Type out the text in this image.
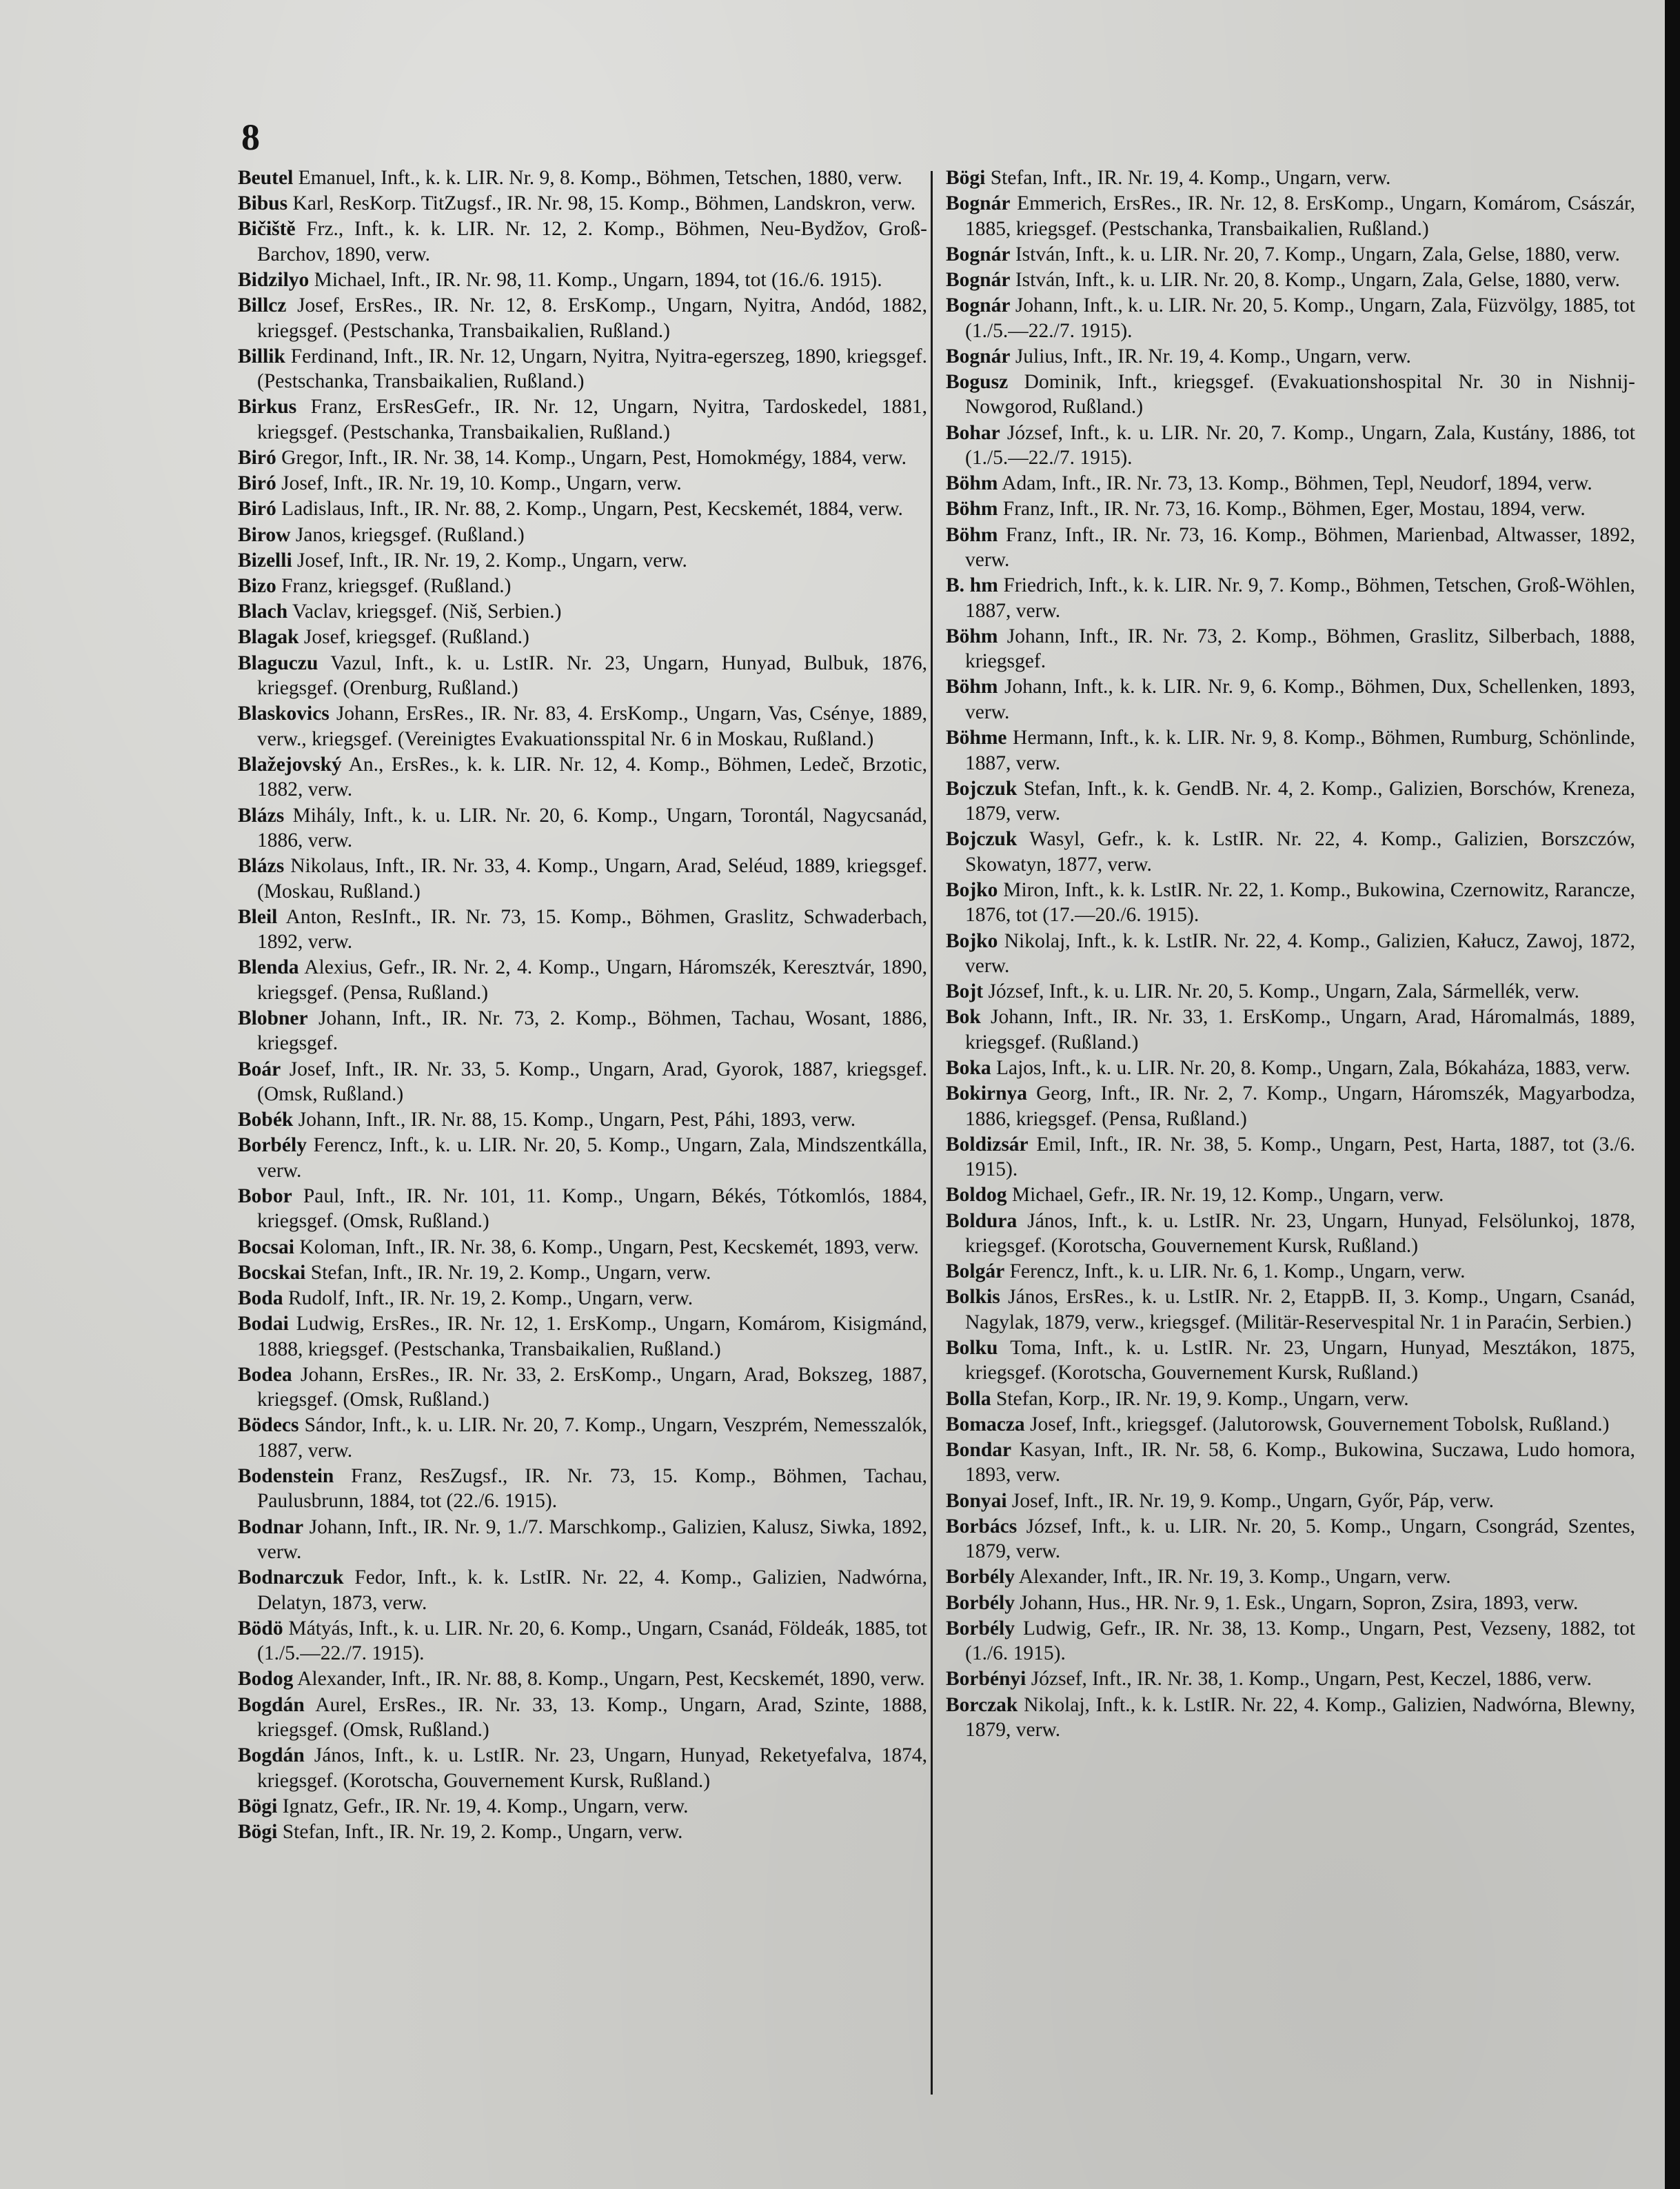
8

Beutel Emanuel, Inft., k. k. LIR. Nr. 9, 8. Komp., Böhmen, Tetschen, 1880, verw.

Bibus Karl, ResKorp. TitZugsf., IR. Nr. 98, 15. Komp., Böhmen, Landskron, verw.

Bičiště Frz., Inft., k. k. LIR. Nr. 12, 2. Komp., Böhmen, Neu-Bydžov, Groß-Barchov, 1890, verw.

Bidzilyo Michael, Inft., IR. Nr. 98, 11. Komp., Ungarn, 1894, tot (16./6. 1915).

Billcz Josef, ErsRes., IR. Nr. 12, 8. ErsKomp., Ungarn, Nyitra, Andód, 1882, kriegsgef. (Pestschanka, Transbaikalien, Rußland.)

Billik Ferdinand, Inft., IR. Nr. 12, Ungarn, Nyitra, Nyitra-egerszeg, 1890, kriegsgef. (Pestschanka, Transbaikalien, Rußland.)

Birkus Franz, ErsResGefr., IR. Nr. 12, Ungarn, Nyitra, Tardoskedel, 1881, kriegsgef. (Pestschanka, Transbaikalien, Rußland.)

Biró Gregor, Inft., IR. Nr. 38, 14. Komp., Ungarn, Pest, Homokmégy, 1884, verw.

Biró Josef, Inft., IR. Nr. 19, 10. Komp., Ungarn, verw.

Biró Ladislaus, Inft., IR. Nr. 88, 2. Komp., Ungarn, Pest, Kecskemét, 1884, verw.

Birow Janos, kriegsgef. (Rußland.)

Bizelli Josef, Inft., IR. Nr. 19, 2. Komp., Ungarn, verw.

Bizo Franz, kriegsgef. (Rußland.)

Blach Vaclav, kriegsgef. (Niš, Serbien.)

Blagak Josef, kriegsgef. (Rußland.)

Blaguczu Vazul, Inft., k. u. LstIR. Nr. 23, Ungarn, Hunyad, Bulbuk, 1876, kriegsgef. (Orenburg, Rußland.)

Blaskovics Johann, ErsRes., IR. Nr. 83, 4. ErsKomp., Ungarn, Vas, Csénye, 1889, verw., kriegsgef. (Vereinigtes Evakuationsspital Nr. 6 in Moskau, Rußland.)

Blažejovský An., ErsRes., k. k. LIR. Nr. 12, 4. Komp., Böhmen, Ledeč, Brzotic, 1882, verw.

Blázs Mihály, Inft., k. u. LIR. Nr. 20, 6. Komp., Ungarn, Torontál, Nagycsanád, 1886, verw.

Blázs Nikolaus, Inft., IR. Nr. 33, 4. Komp., Ungarn, Arad, Seléud, 1889, kriegsgef. (Moskau, Rußland.)

Bleil Anton, ResInft., IR. Nr. 73, 15. Komp., Böhmen, Graslitz, Schwaderbach, 1892, verw.

Blenda Alexius, Gefr., IR. Nr. 2, 4. Komp., Ungarn, Háromszék, Keresztvár, 1890, kriegsgef. (Pensa, Rußland.)

Blobner Johann, Inft., IR. Nr. 73, 2. Komp., Böhmen, Tachau, Wosant, 1886, kriegsgef.

Boár Josef, Inft., IR. Nr. 33, 5. Komp., Ungarn, Arad, Gyorok, 1887, kriegsgef. (Omsk, Rußland.)

Bobék Johann, Inft., IR. Nr. 88, 15. Komp., Ungarn, Pest, Páhi, 1893, verw.

Borbély Ferencz, Inft., k. u. LIR. Nr. 20, 5. Komp., Ungarn, Zala, Mindszentkálla, verw.

Bobor Paul, Inft., IR. Nr. 101, 11. Komp., Ungarn, Békés, Tótkomlós, 1884, kriegsgef. (Omsk, Rußland.)

Bocsai Koloman, Inft., IR. Nr. 38, 6. Komp., Ungarn, Pest, Kecskemét, 1893, verw.

Bocskai Stefan, Inft., IR. Nr. 19, 2. Komp., Ungarn, verw.

Boda Rudolf, Inft., IR. Nr. 19, 2. Komp., Ungarn, verw.

Bodai Ludwig, ErsRes., IR. Nr. 12, 1. ErsKomp., Ungarn, Komárom, Kisigmánd, 1888, kriegsgef. (Pestschanka, Transbaikalien, Rußland.)

Bodea Johann, ErsRes., IR. Nr. 33, 2. ErsKomp., Ungarn, Arad, Bokszeg, 1887, kriegsgef. (Omsk, Rußland.)

Bödecs Sándor, Inft., k. u. LIR. Nr. 20, 7. Komp., Ungarn, Veszprém, Nemesszalók, 1887, verw.

Bodenstein Franz, ResZugsf., IR. Nr. 73, 15. Komp., Böhmen, Tachau, Paulusbrunn, 1884, tot (22./6. 1915).

Bodnar Johann, Inft., IR. Nr. 9, 1./7. Marschkomp., Galizien, Kalusz, Siwka, 1892, verw.

Bodnarczuk Fedor, Inft., k. k. LstIR. Nr. 22, 4. Komp., Galizien, Nadwórna, Delatyn, 1873, verw.

Bödö Mátyás, Inft., k. u. LIR. Nr. 20, 6. Komp., Ungarn, Csanád, Földeák, 1885, tot (1./5.—22./7. 1915).

Bodog Alexander, Inft., IR. Nr. 88, 8. Komp., Ungarn, Pest, Kecskemét, 1890, verw.

Bogdán Aurel, ErsRes., IR. Nr. 33, 13. Komp., Ungarn, Arad, Szinte, 1888, kriegsgef. (Omsk, Rußland.)

Bogdán János, Inft., k. u. LstIR. Nr. 23, Ungarn, Hunyad, Reketyefalva, 1874, kriegsgef. (Korotscha, Gouvernement Kursk, Rußland.)

Bögi Ignatz, Gefr., IR. Nr. 19, 4. Komp., Ungarn, verw.

Bögi Stefan, Inft., IR. Nr. 19, 2. Komp., Ungarn, verw.

Bögi Stefan, Inft., IR. Nr. 19, 4. Komp., Ungarn, verw.

Bognár Emmerich, ErsRes., IR. Nr. 12, 8. ErsKomp., Ungarn, Komárom, Császár, 1885, kriegsgef. (Pestschanka, Transbaikalien, Rußland.)

Bognár István, Inft., k. u. LIR. Nr. 20, 7. Komp., Ungarn, Zala, Gelse, 1880, verw.

Bognár István, Inft., k. u. LIR. Nr. 20, 8. Komp., Ungarn, Zala, Gelse, 1880, verw.

Bognár Johann, Inft., k. u. LIR. Nr. 20, 5. Komp., Ungarn, Zala, Füzvölgy, 1885, tot (1./5.—22./7. 1915).

Bognár Julius, Inft., IR. Nr. 19, 4. Komp., Ungarn, verw.

Bogusz Dominik, Inft., kriegsgef. (Evakuationshospital Nr. 30 in Nishnij-Nowgorod, Rußland.)

Bohar József, Inft., k. u. LIR. Nr. 20, 7. Komp., Ungarn, Zala, Kustány, 1886, tot (1./5.—22./7. 1915).

Böhm Adam, Inft., IR. Nr. 73, 13. Komp., Böhmen, Tepl, Neudorf, 1894, verw.

Böhm Franz, Inft., IR. Nr. 73, 16. Komp., Böhmen, Eger, Mostau, 1894, verw.

Böhm Franz, Inft., IR. Nr. 73, 16. Komp., Böhmen, Marienbad, Altwasser, 1892, verw.

B. hm Friedrich, Inft., k. k. LIR. Nr. 9, 7. Komp., Böhmen, Tetschen, Groß-Wöhlen, 1887, verw.

Böhm Johann, Inft., IR. Nr. 73, 2. Komp., Böhmen, Graslitz, Silberbach, 1888, kriegsgef.

Böhm Johann, Inft., k. k. LIR. Nr. 9, 6. Komp., Böhmen, Dux, Schellenken, 1893, verw.

Böhme Hermann, Inft., k. k. LIR. Nr. 9, 8. Komp., Böhmen, Rumburg, Schönlinde, 1887, verw.

Bojczuk Stefan, Inft., k. k. GendB. Nr. 4, 2. Komp., Galizien, Borschów, Kreneza, 1879, verw.

Bojczuk Wasyl, Gefr., k. k. LstIR. Nr. 22, 4. Komp., Galizien, Borszczów, Skowatyn, 1877, verw.

Bojko Miron, Inft., k. k. LstIR. Nr. 22, 1. Komp., Bukowina, Czernowitz, Rarancze, 1876, tot (17.—20./6. 1915).

Bojko Nikolaj, Inft., k. k. LstIR. Nr. 22, 4. Komp., Galizien, Kałucz, Zawoj, 1872, verw.

Bojt József, Inft., k. u. LIR. Nr. 20, 5. Komp., Ungarn, Zala, Sármellék, verw.

Bok Johann, Inft., IR. Nr. 33, 1. ErsKomp., Ungarn, Arad, Háromalmás, 1889, kriegsgef. (Rußland.)

Boka Lajos, Inft., k. u. LIR. Nr. 20, 8. Komp., Ungarn, Zala, Bókaháza, 1883, verw.

Bokirnya Georg, Inft., IR. Nr. 2, 7. Komp., Ungarn, Háromszék, Magyarbodza, 1886, kriegsgef. (Pensa, Rußland.)

Boldizsár Emil, Inft., IR. Nr. 38, 5. Komp., Ungarn, Pest, Harta, 1887, tot (3./6. 1915).

Boldog Michael, Gefr., IR. Nr. 19, 12. Komp., Ungarn, verw.

Boldura János, Inft., k. u. LstIR. Nr. 23, Ungarn, Hunyad, Felsölunkoj, 1878, kriegsgef. (Korotscha, Gouvernement Kursk, Rußland.)

Bolgár Ferencz, Inft., k. u. LIR. Nr. 6, 1. Komp., Ungarn, verw.

Bolkis János, ErsRes., k. u. LstIR. Nr. 2, EtappB. II, 3. Komp., Ungarn, Csanád, Nagylak, 1879, verw., kriegsgef. (Militär-Reservespital Nr. 1 in Paraćin, Serbien.)

Bolku Toma, Inft., k. u. LstIR. Nr. 23, Ungarn, Hunyad, Mesztákon, 1875, kriegsgef. (Korotscha, Gouvernement Kursk, Rußland.)

Bolla Stefan, Korp., IR. Nr. 19, 9. Komp., Ungarn, verw.

Bomacza Josef, Inft., kriegsgef. (Jalutorowsk, Gouvernement Tobolsk, Rußland.)

Bondar Kasyan, Inft., IR. Nr. 58, 6. Komp., Bukowina, Suczawa, Ludo homora, 1893, verw.

Bonyai Josef, Inft., IR. Nr. 19, 9. Komp., Ungarn, Győr, Páp, verw.

Borbács József, Inft., k. u. LIR. Nr. 20, 5. Komp., Ungarn, Csongrád, Szentes, 1879, verw.

Borbély Alexander, Inft., IR. Nr. 19, 3. Komp., Ungarn, verw.

Borbély Johann, Hus., HR. Nr. 9, 1. Esk., Ungarn, Sopron, Zsira, 1893, verw.

Borbély Ludwig, Gefr., IR. Nr. 38, 13. Komp., Ungarn, Pest, Vezseny, 1882, tot (1./6. 1915).

Borbényi József, Inft., IR. Nr. 38, 1. Komp., Ungarn, Pest, Keczel, 1886, verw.

Borczak Nikolaj, Inft., k. k. LstIR. Nr. 22, 4. Komp., Galizien, Nadwórna, Blewny, 1879, verw.
